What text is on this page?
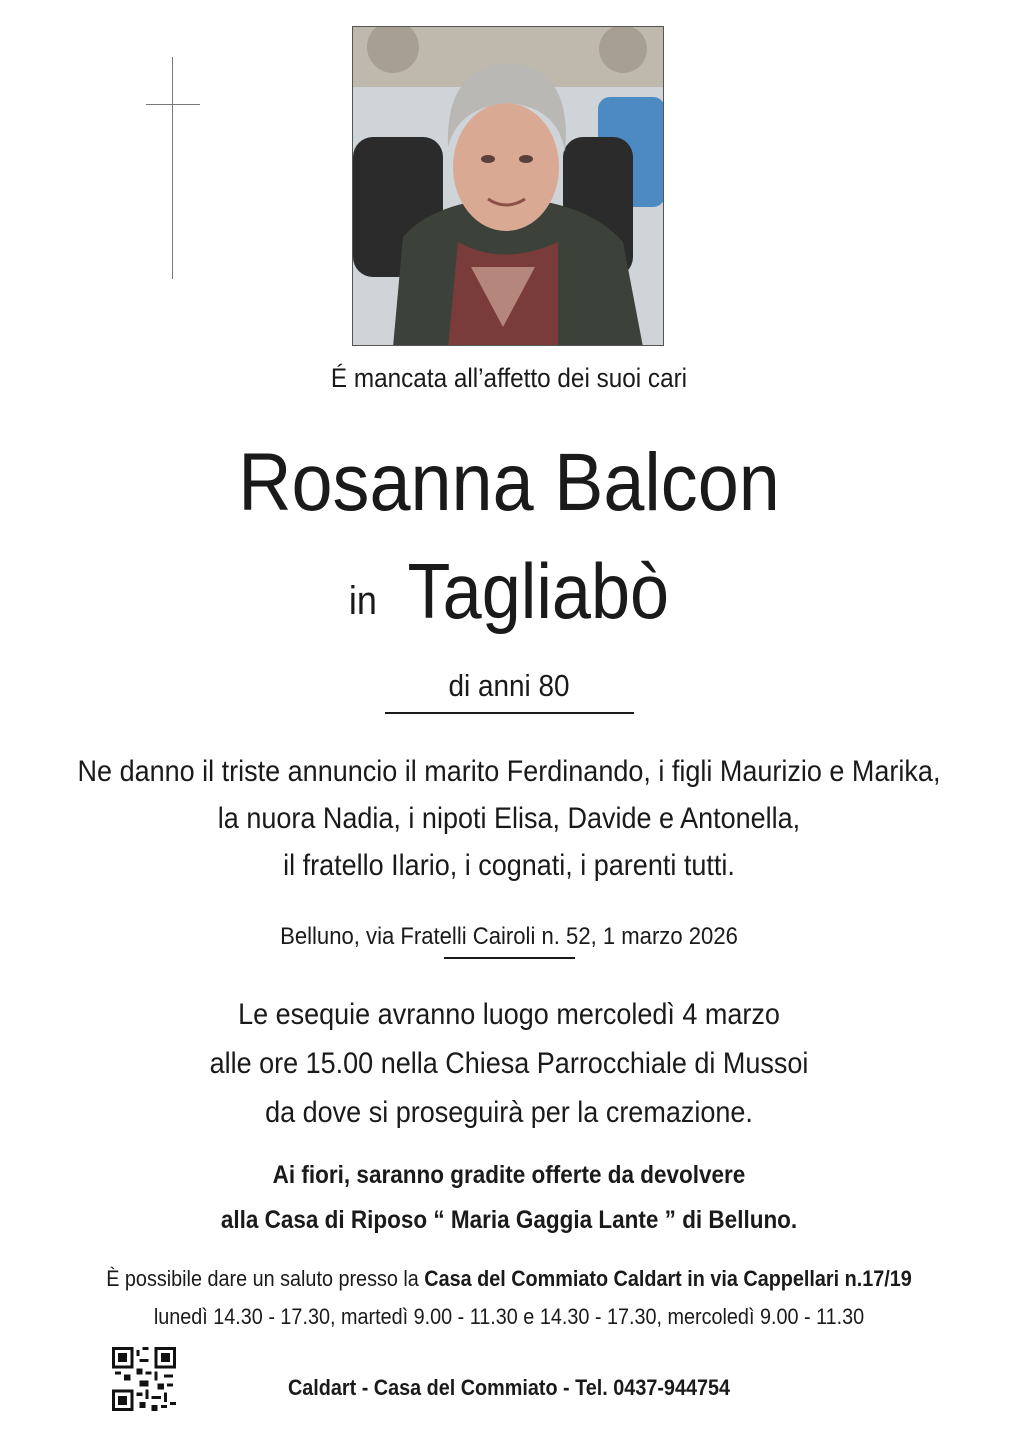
É mancata all’affetto dei suoi cari
Rosanna Balcon
in Tagliabò
di anni 80
Ne danno il triste annuncio il marito Ferdinando, i figli Maurizio e Marika,
la nuora Nadia, i nipoti Elisa, Davide e Antonella,
il fratello Ilario, i cognati, i parenti tutti.
Belluno, via Fratelli Cairoli n. 52, 1 marzo 2026
Le esequie avranno luogo mercoledì 4 marzo
alle ore 15.00 nella Chiesa Parrocchiale di Mussoi
da dove si proseguirà per la cremazione.
Ai fiori, saranno gradite offerte da devolvere
alla Casa di Riposo “ Maria Gaggia Lante ” di Belluno.
È possibile dare un saluto presso la Casa del Commiato Caldart in via Cappellari n.17/19
lunedì 14.30 - 17.30, martedì 9.00 - 11.30 e 14.30 - 17.30, mercoledì 9.00 - 11.30
Caldart - Casa del Commiato - Tel. 0437-944754
